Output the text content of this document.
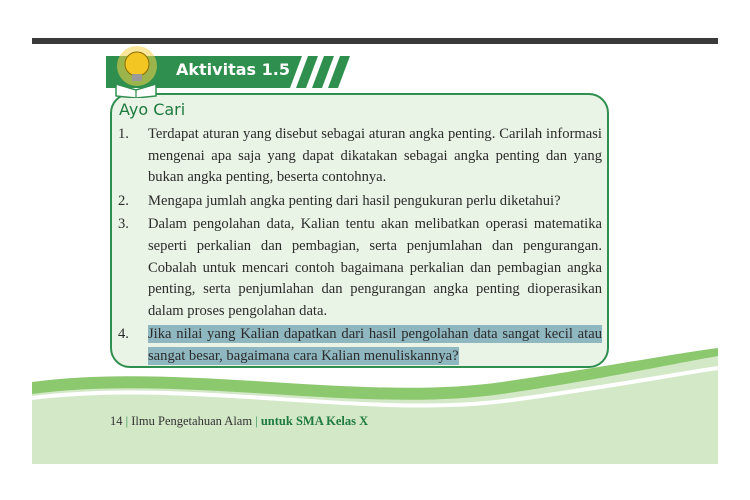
Aktivitas 1.5
Ayo Cari
1. Terdapat aturan yang disebut sebagai aturan angka penting. Carilah informasi mengenai apa saja yang dapat dikatakan sebagai angka penting dan yang bukan angka penting, beserta contohnya.
2. Mengapa jumlah angka penting dari hasil pengukuran perlu diketahui?
3. Dalam pengolahan data, Kalian tentu akan melibatkan operasi matematika seperti perkalian dan pembagian, serta penjumlahan dan pengurangan. Cobalah untuk mencari contoh bagaimana perkalian dan pembagian angka penting, serta penjumlahan dan pengurangan angka penting dioperasikan dalam proses pengolahan data.
4. Jika nilai yang Kalian dapatkan dari hasil pengolahan data sangat kecil atau sangat besar, bagaimana cara Kalian menuliskannya?
14 | Ilmu Pengetahuan Alam | untuk SMA Kelas X
